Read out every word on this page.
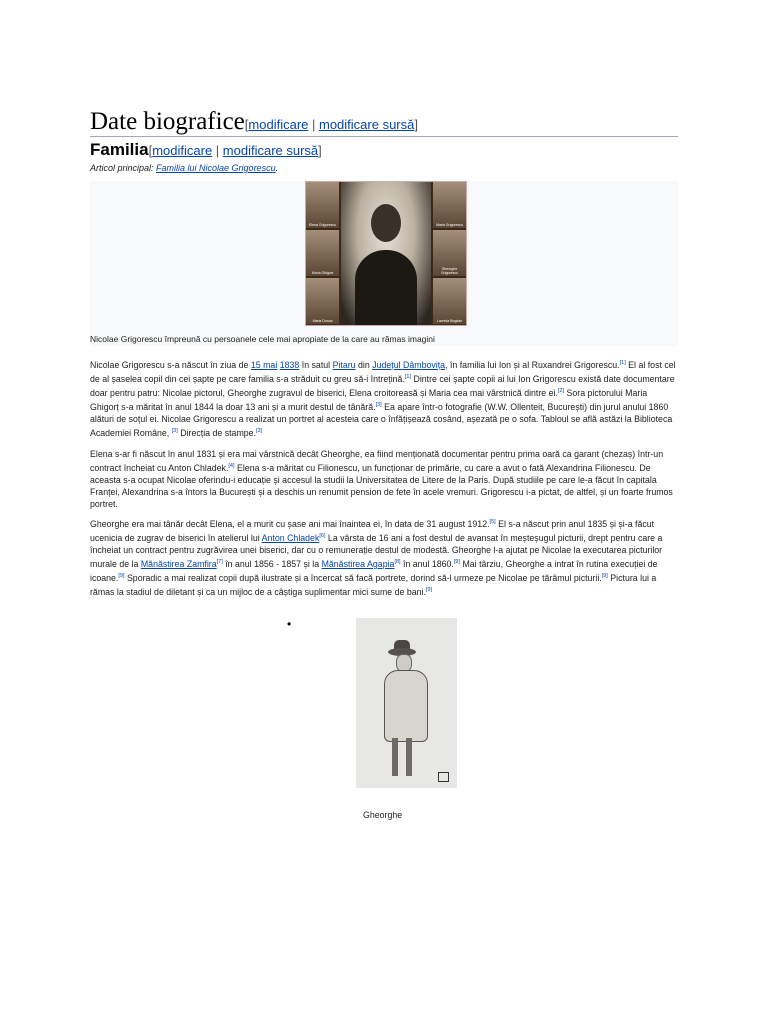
Date biografice[modificare | modificare sursă]
Familia[modificare | modificare sursă]
Articol principal: Familia lui Nicolae Grigorescu.
Elena Grigorescu
Maria Ghigorț
Maria Dunca
Maria Grigorescu
Gheorghe Grigorescu
Lucreția Bogdan
Nicolae Grigorescu împreună cu persoanele cele mai apropiate de la care au rămas imagini

Nicolae Grigorescu s-a născut în ziua de 15 mai 1838 în satul Pitaru din Județul Dâmbovița, în familia lui Ion și al Ruxandrei Grigorescu.[1] El al fost cel de al șaselea copil din cei șapte pe care familia s-a străduit cu greu să-i întrețină.[1] Dintre cei șapte copii ai lui Ion Grigorescu există date documentare doar pentru patru: Nicolae pictorul, Gheorghe zugravul de biserici, Elena croitoreasă și Maria cea mai vârstnică dintre ei.[2] Sora pictorului Maria Ghigorț s-a măritat în anul 1844 la doar 13 ani și a murit destul de tânără.[3] Ea apare într-o fotografie (W.W. Ollenteit, București) din jurul anului 1860 alături de soțul ei. Nicolae Grigorescu a realizat un portret al acesteia care o înfățișează cosând, așezată pe o sofa. Tabloul se află astăzi la Biblioteca Academiei Române, [3] Direcția de stampe.[3]

Elena s-ar fi născut în anul 1831 și era mai vârstnică decât Gheorghe, ea fiind menționată documentar pentru prima oară ca garant (chezaș) într-un contract încheiat cu Anton Chladek.[4] Elena s-a măritat cu Filionescu, un funcționar de primărie, cu care a avut o fată Alexandrina Filionescu. De aceasta s-a ocupat Nicolae oferindu-i educație și accesul la studii la Universitatea de Litere de la Paris. După studiile pe care le-a făcut în capitala Franței, Alexandrina s-a întors la București și a deschis un renumit pension de fete în acele vremuri. Grigorescu i-a pictat, de altfel, și un foarte frumos portret.

Gheorghe era mai tânăr decât Elena, el a murit cu șase ani mai înaintea ei, în data de 31 august 1912.[5] El s-a născut prin anul 1835 și și-a făcut ucenicia de zugrav de biserici în atelierul lui Anton Chladek[6] La vârsta de 16 ani a fost destul de avansat în meșteșugul picturii, drept pentru care a încheiat un contract pentru zugrăvirea unei biserici, dar cu o remunerație destul de modestă. Gheorghe l-a ajutat pe Nicolae la executarea picturilor murale de la Mănăstirea Zamfira[7] în anul 1856 - 1857 și la Mănăstirea Agapia[8] în anul 1860.[9] Mai târziu, Gheorghe a intrat în rutina execuției de icoane.[9] Sporadic a mai realizat copii după ilustrate și a încercat să facă portrete, dorind să-l urmeze pe Nicolae pe tărâmul picturii.[9] Pictura lui a rămas la stadiul de diletant și ca un mijloc de a câștiga suplimentar mici sume de bani.[9]

•
Gheorghe
